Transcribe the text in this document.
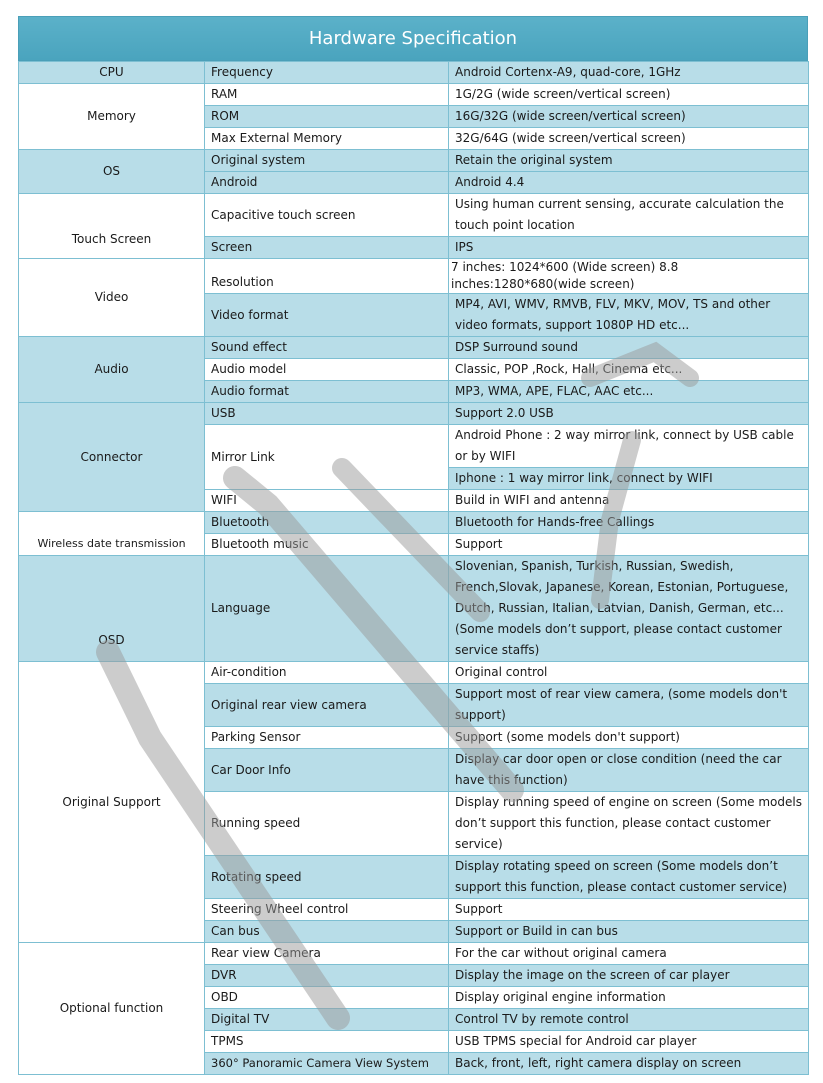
Hardware Specification
CPU	Frequency	Android Cortenx-A9, quad-core, 1GHz
Memory	RAM	1G/2G (wide screen/vertical screen)
	ROM	16G/32G (wide screen/vertical screen)
	Max External Memory	32G/64G (wide screen/vertical screen)
OS	Original system	Retain the original system
	Android	Android 4.4
Touch Screen	Capacitive touch screen	Using human current sensing, accurate calculation the touch point location
	Screen	IPS
Video	Resolution	7 inches: 1024*600 (Wide screen) 8.8 inches:1280*680(wide screen)
	Video format	MP4, AVI, WMV, RMVB, FLV, MKV, MOV, TS and other video formats, support 1080P HD etc...
Audio	Sound effect	DSP Surround sound
	Audio model	Classic, POP ,Rock, Hall, Cinema etc...
	Audio format	MP3, WMA, APE, FLAC, AAC etc...
Connector	USB	Support 2.0 USB
	Mirror Link	Android Phone : 2 way mirror link, connect by USB cable or by WIFI
		Iphone : 1 way mirror link, connect by WIFI
	WIFI	Build in WIFI and antenna
Wireless date transmission	Bluetooth	Bluetooth for Hands-free Callings
	Bluetooth music	Support
OSD	Language	Slovenian, Spanish, Turkish, Russian, Swedish, French,Slovak, Japanese, Korean, Estonian, Portuguese, Dutch, Russian, Italian, Latvian, Danish, German, etc...(Some models don’t support, please contact customer service staffs)
Original Support	Air-condition	Original control
	Original rear view camera	Support most of rear view camera, (some models don't support)
	Parking Sensor	Support (some models don't support)
	Car Door Info	Display car door open or close condition (need the car have this function)
	Running speed	Display running speed of engine on screen (Some models don’t support this function, please contact customer service)
	Rotating speed	Display rotating speed on screen (Some models don’t support this function, please contact customer service)
	Steering Wheel control	Support
	Can bus	Support or Build in can bus
Optional function	Rear view Camera	For the car without original camera
	DVR	Display the image on the screen of car player
	OBD	Display original engine information
	Digital TV	Control TV by remote control
	TPMS	USB TPMS special for Android car player
	360° Panoramic Camera View System	Back, front, left, right camera display on screen
